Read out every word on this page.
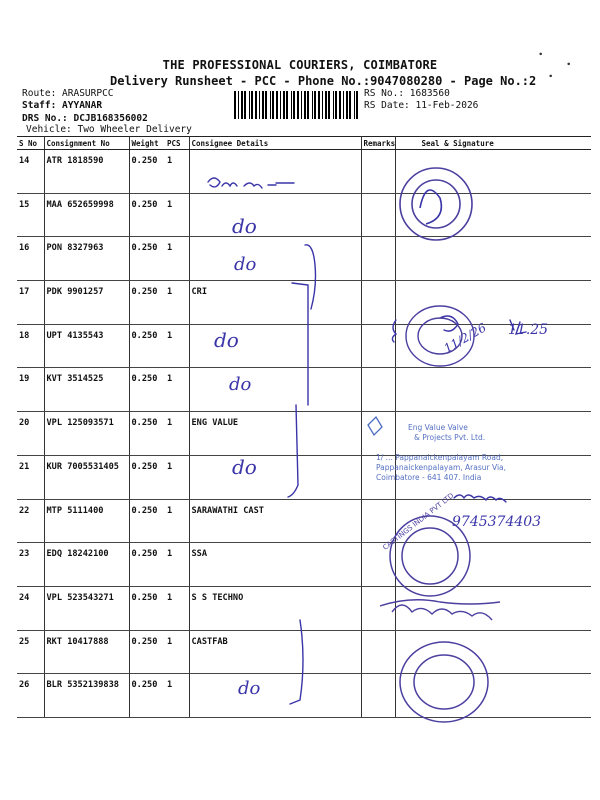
THE PROFESSIONAL COURIERS, COIMBATORE
Delivery Runsheet - PCC - Phone No.:9047080280 - Page No.:2
Route: ARASURPCC
Staff: AYYANAR
DRS No.: DCJB168356002
Vehicle: Two Wheeler Delivery
RS No.: 1683560
RS Date: 11-Feb-2026
∙
∙
∙
S No	Consignment No	Weight	PCS	Consignee Details	Remarks	Seal & Signature
14	ATR 1818590	0.250	1			
15	MAA 652659998	0.250	1			
16	PON 8327963	0.250	1			
17	PDK 9901257	0.250	1	CRI		
18	UPT 4135543	0.250	1			
19	KVT 3514525	0.250	1			
20	VPL 125093571	0.250	1	ENG VALUE		
21	KUR 7005531405	0.250	1			
22	MTP 5111400	0.250	1	SARAWATHI CAST		
23	EDQ 18242100	0.250	1	SSA		
24	VPL 523543271	0.250	1	S S TECHNO		
25	RKT 10417888	0.250	1	CASTFAB		
26	BLR 5352139838	0.250	1			
do
do
do
do
do
do
11.25
11/2/26
9745374403
Eng Value Valve
& Projects Pvt. Ltd.
1/ ... Pappanaickenpalayam Road,
Pappanaickenpalayam, Arasur Via,
Coimbatore - 641 407. India
CASTINGS INDIA PVT LTD
